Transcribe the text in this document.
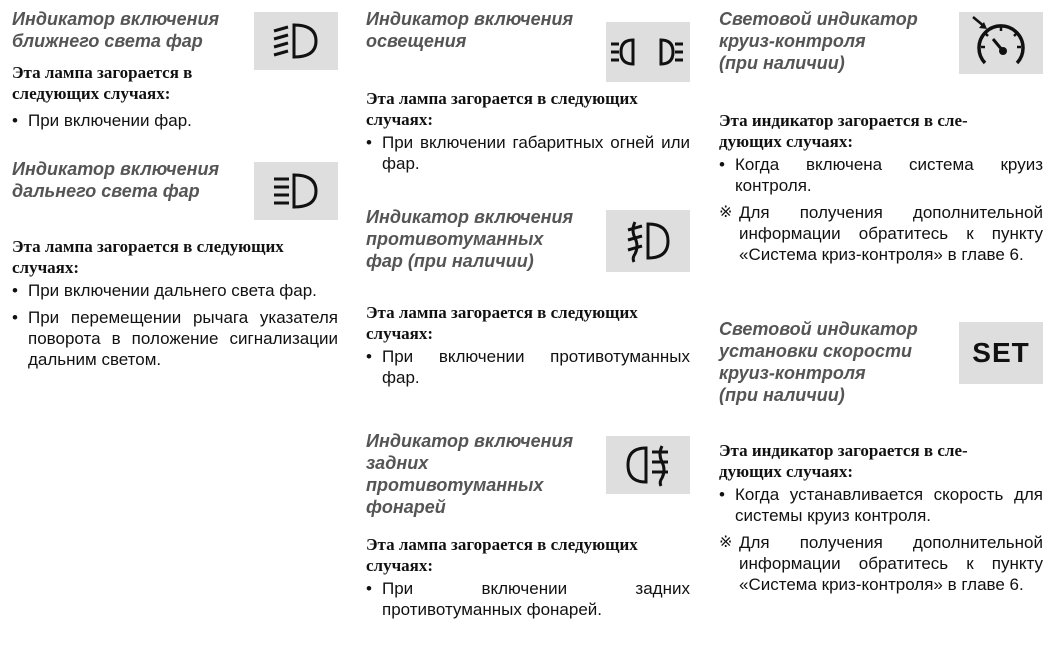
Индикатор включения
ближнего света фар

Эта лампа загорается в
следующих случаях:

• При включении фар.

Индикатор включения
дальнего света фар

Эта лампа загорается в следующих
случаях:

• При включении дальнего света фар.

• При перемещении рычага указателя поворота в положение сигнализации дальним светом.

Индикатор включения
освещения

Эта лампа загорается в следующих
случаях:

• При включении габаритных огней или фар.

Индикатор включения
противотуманных
фар (при наличии)

Эта лампа загорается в следующих
случаях:

• При включении противотуманных фар.

Индикатор включения
задних
противотуманных
фонарей

Эта лампа загорается в следующих
случаях:

• При включении задних противотуманных фонарей.

Световой индикатор
круиз-контроля
(при наличии)

Эта индикатор загорается в сле-
дующих случаях:

• Когда включена система круиз контроля.

※ Для получения дополнительной информации обратитесь к пункту «Система криз-контроля» в главе 6.

Световой индикатор
установки скорости
круиз-контроля
(при наличии)

SET

Эта индикатор загорается в сле-
дующих случаях:

• Когда устанавливается скорость для системы круиз контроля.

※ Для получения дополнительной информации обратитесь к пункту «Система криз-контроля» в главе 6.
